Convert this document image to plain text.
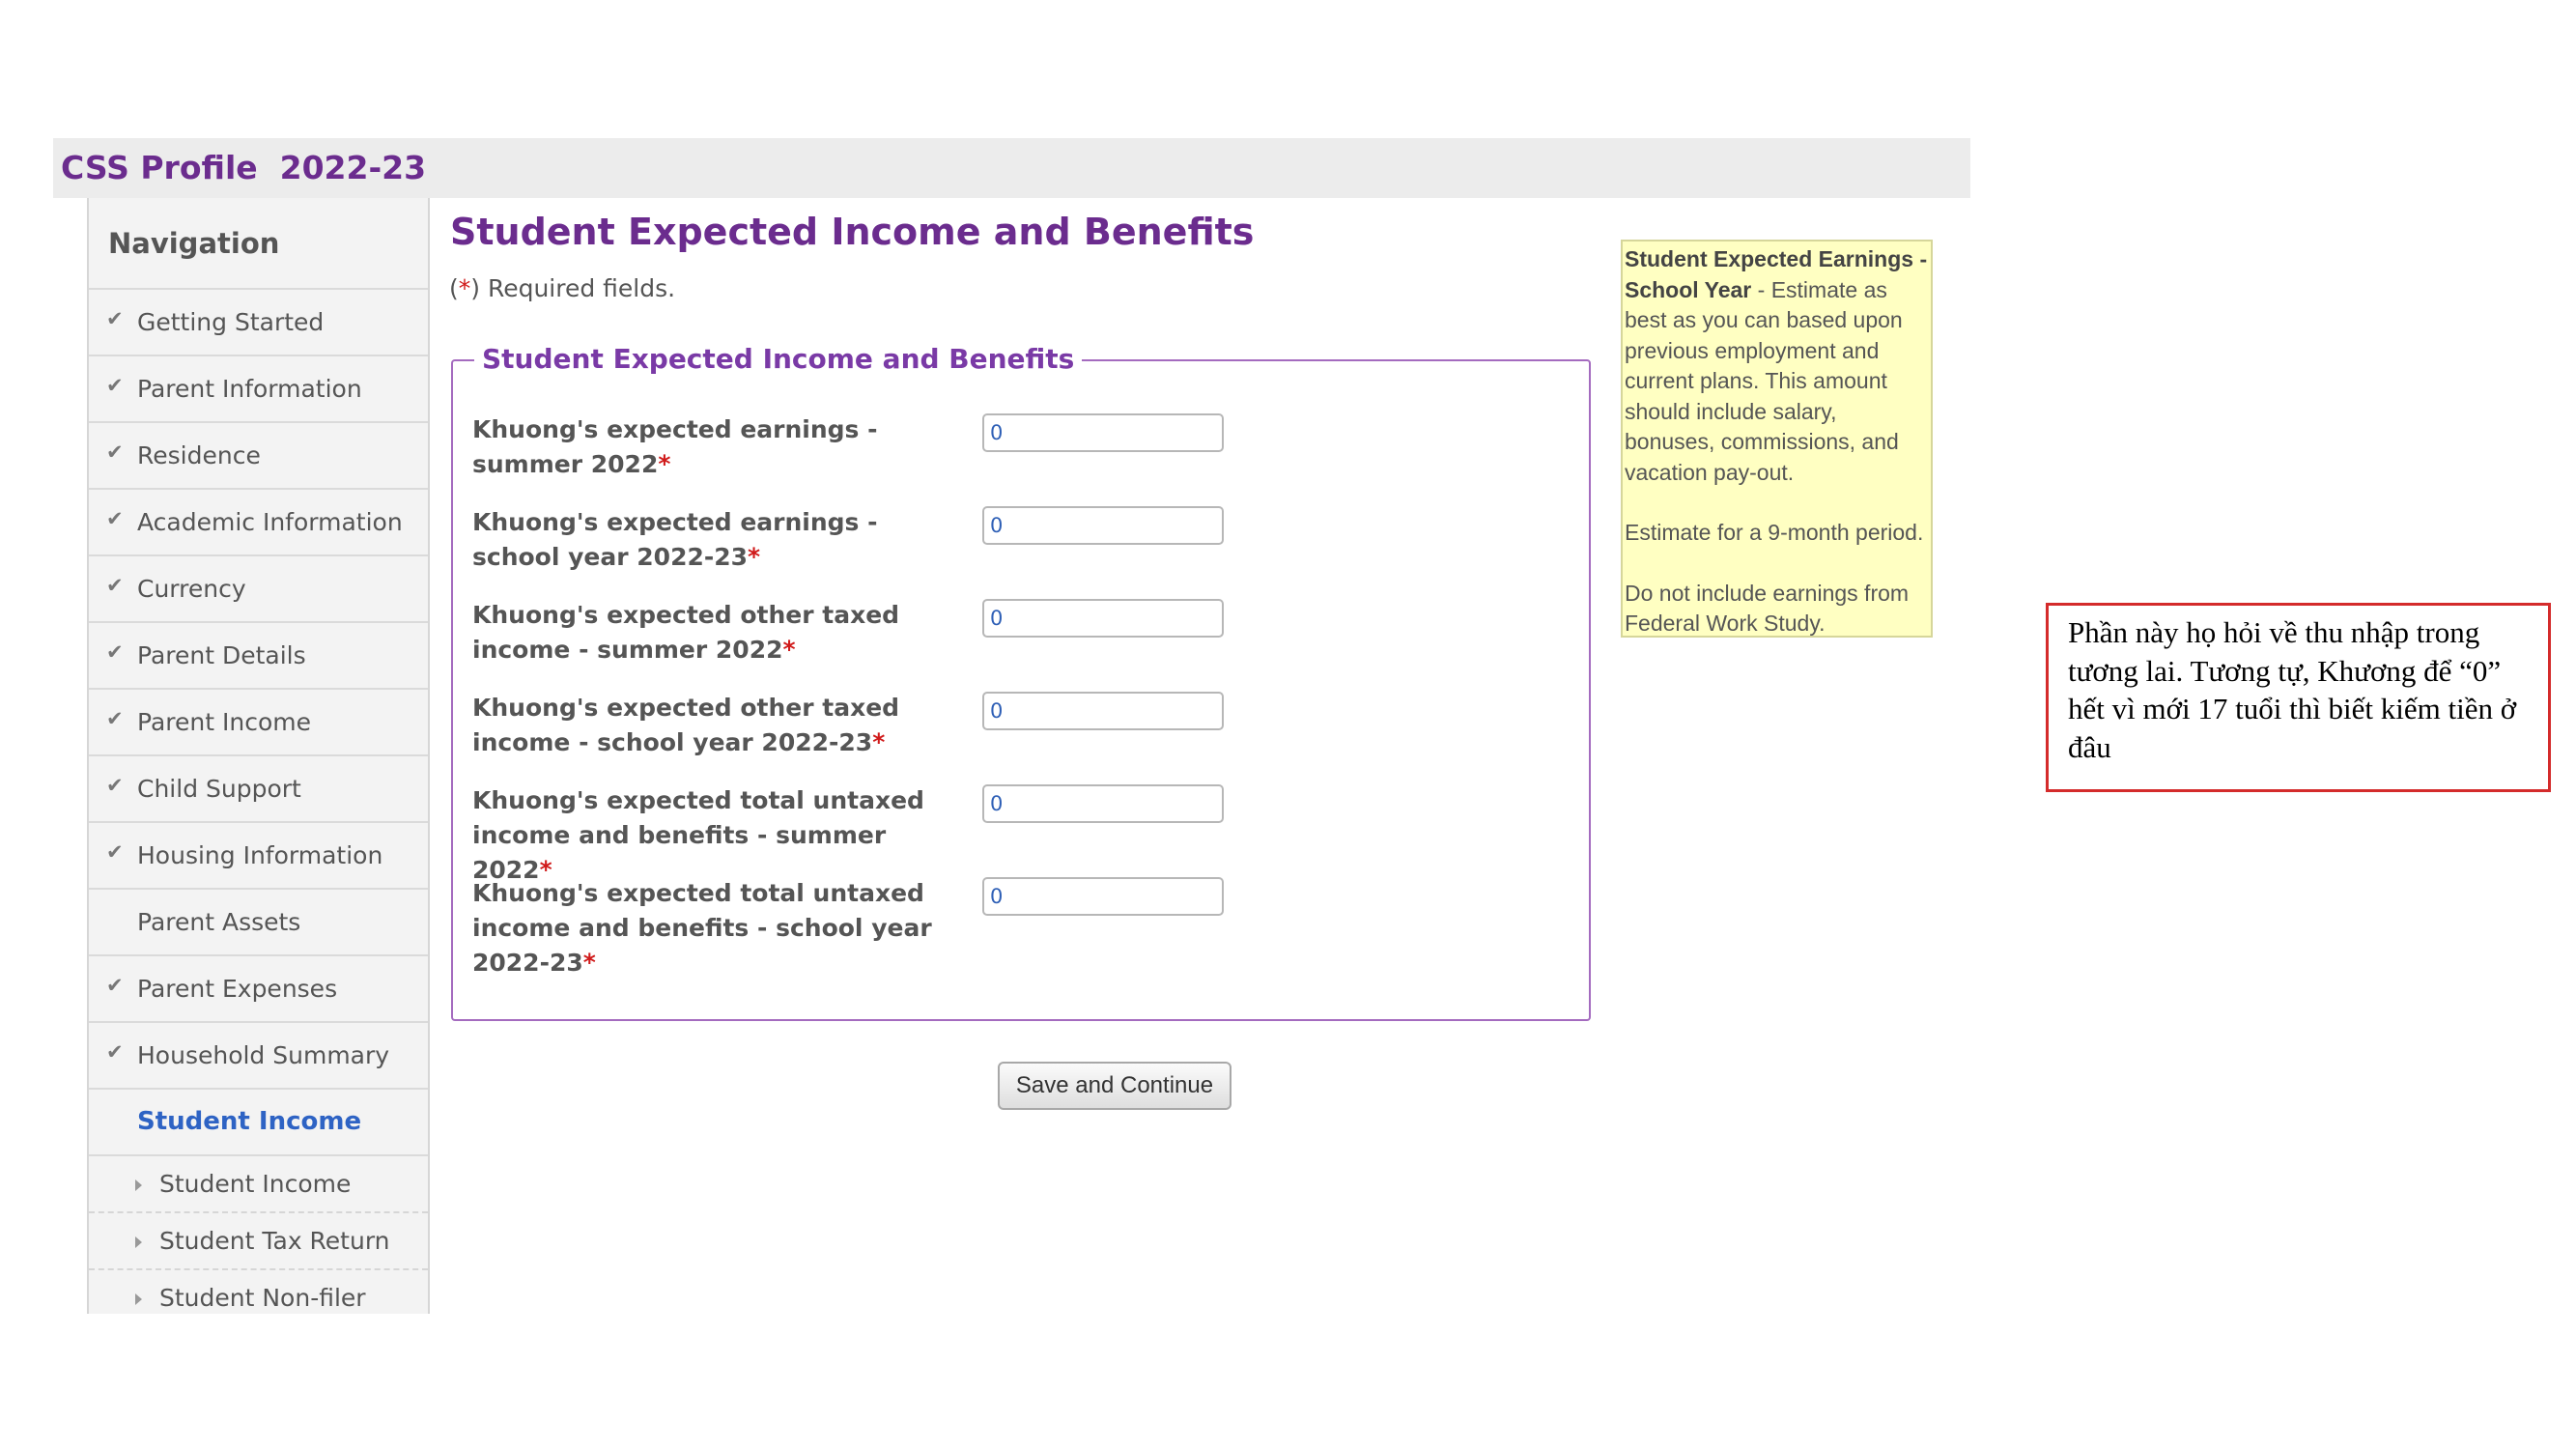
CSS Profile  2022-23
Navigation
✔ Getting Started
✔ Parent Information
✔ Residence
✔ Academic Information
✔ Currency
✔ Parent Details
✔ Parent Income
✔ Child Support
✔ Housing Information
Parent Assets
✔ Parent Expenses
✔ Household Summary
Student Income
Student Income
Student Tax Return
Student Non-filer
Student Expected Income and Benefits
(*) Required fields.
Student Expected Income and Benefits
Khuong's expected earnings - summer 2022*
0
Khuong's expected earnings - school year 2022-23*
0
Khuong's expected other taxed income - summer 2022*
0
Khuong's expected other taxed income - school year 2022-23*
0
Khuong's expected total untaxed income and benefits - summer 2022*
0
Khuong's expected total untaxed income and benefits - school year 2022-23*
0
Save and Continue

Student Expected Earnings - School Year - Estimate as best as you can based upon previous employment and current plans. This amount should include salary, bonuses, commissions, and vacation pay-out.

Estimate for a 9-month period.

Do not include earnings from Federal Work Study.	Phần này họ hỏi về thu nhập trong tương lai. Tương tự, Khương để “0” hết vì mới 17 tuổi thì biết kiếm tiền ở đâu
